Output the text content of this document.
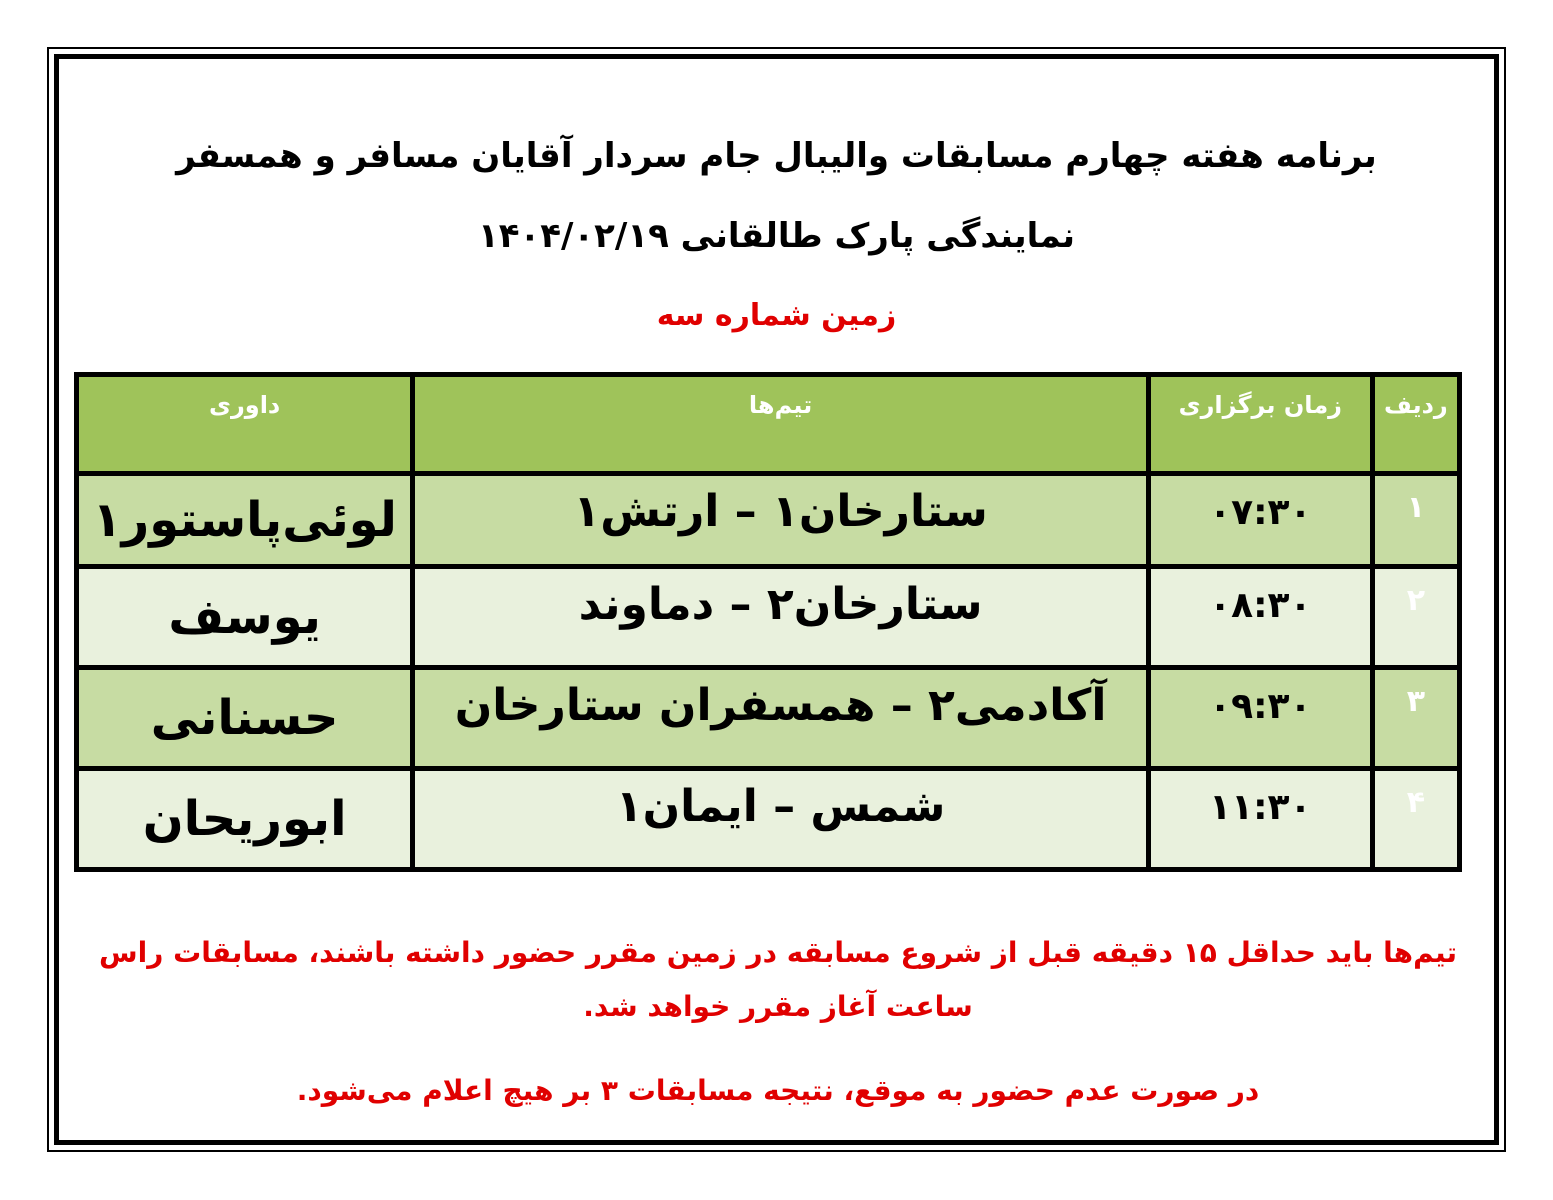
برنامه هفته چهارم مسابقات والیبال جام سردار آقایان مسافر و همسفر
نمایندگی پارک طالقانی ۱۴۰۴/۰۲/۱۹
زمین شماره سه
ردیف	زمان برگزاری	تیم‌ها	داوری
۱	۰۷:۳۰	ستارخان۱ – ارتش۱	لوئی‌پاستور۱
۲	۰۸:۳۰	ستارخان۲ – دماوند	یوسف
۳	۰۹:۳۰	آکادمی۲ – همسفران ستارخان	حسنانی
۴	۱۱:۳۰	شمس – ایمان۱	ابوریحان
تیم‌ها باید حداقل ۱۵ دقیقه قبل از شروع مسابقه در زمین مقرر حضور داشته باشند، مسابقات راس ساعت آغاز مقرر خواهد شد.
در صورت عدم حضور به موقع، نتیجه مسابقات ۳ بر هیچ اعلام می‌شود.
